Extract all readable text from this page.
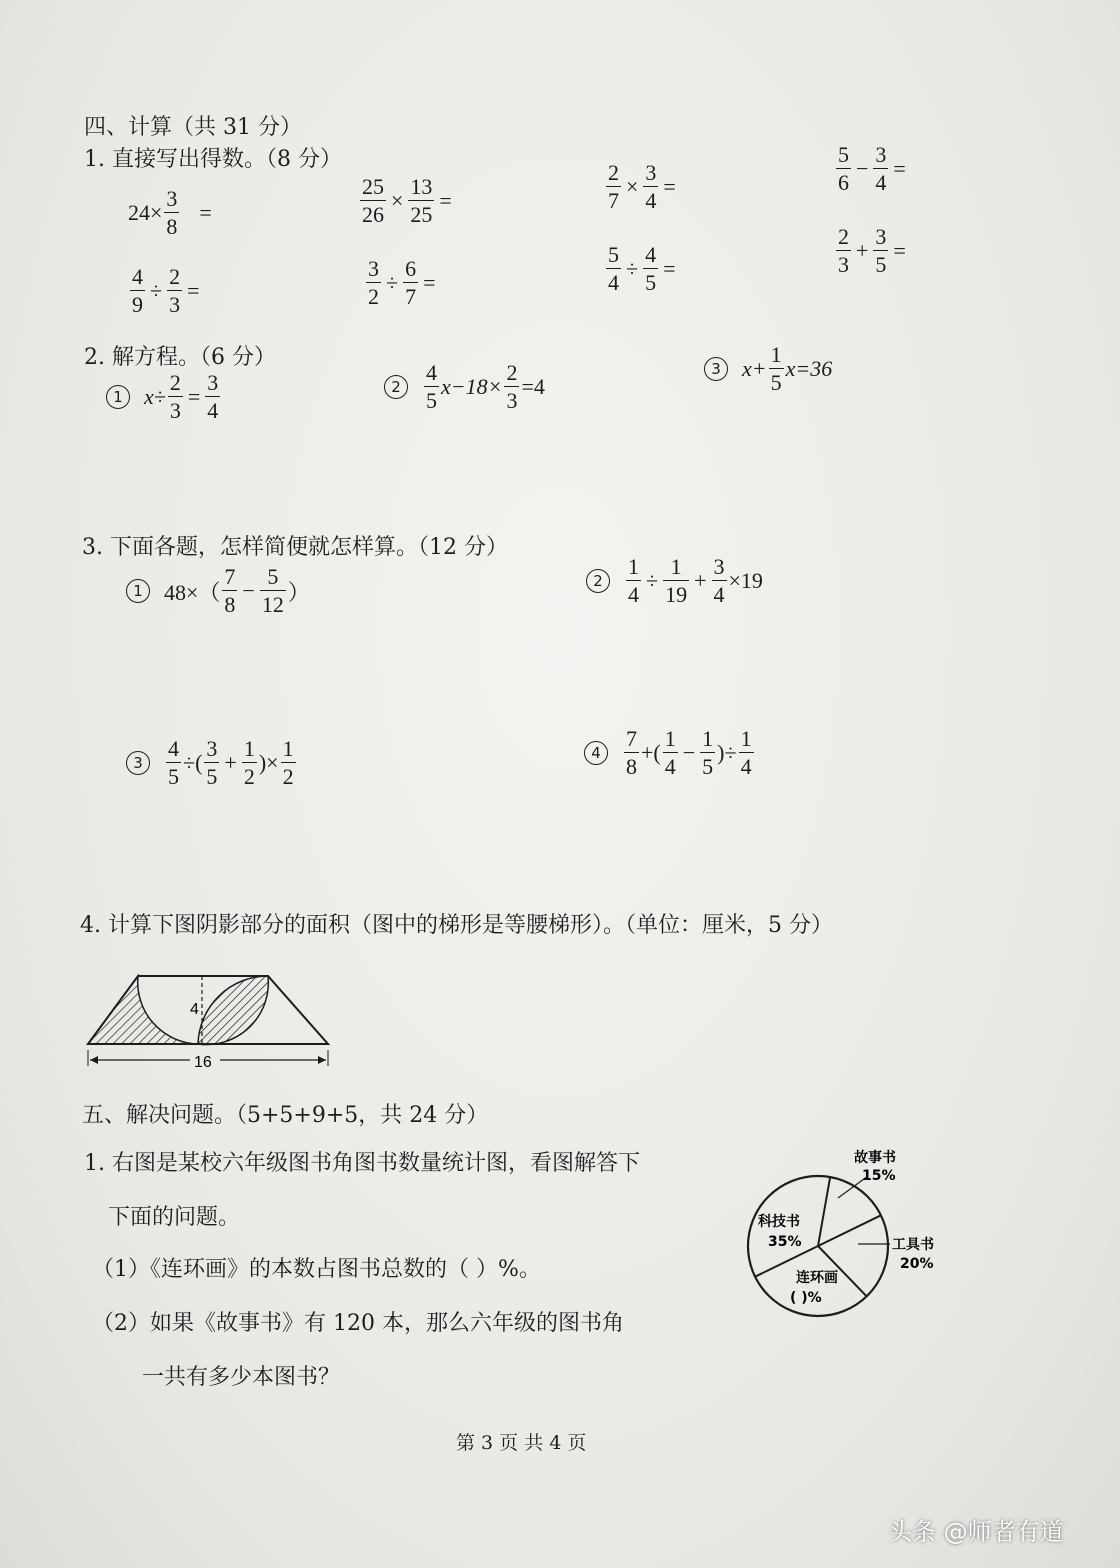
四、计算（共 31 分）
1. 直接写出得数。（8 分）
$24\times \frac{3}{8}$ =	$\frac{25}{26} \times \frac{13}{25}$ =	$\frac{2}{7} \times \frac{3}{4}$ =	$\frac{5}{6} - \frac{3}{4}$ =
$\frac{4}{9} \div \frac{2}{3}$ =	$\frac{3}{2} \div \frac{6}{7}$ =	$\frac{5}{4} \div \frac{4}{5}$ =	$\frac{2}{3} + \frac{3}{5}$ =
2. 解方程。（6 分）
1 $x\div \frac{2}{3} = \frac{3}{4}$	2	$\frac{4}{5} x-18\times \frac{2}{3} =4$
3 $x+ \frac{1}{5} x=36$
3. 下面各题，怎样简便就怎样算。（12 分）
1 $48\times( \frac{7}{8} - \frac{5}{12}$ ）	2	$\frac{1}{4} \div \frac{1}{19} + \frac{3}{4} \times 19$
3	$\frac{4}{5}$ ÷( $\frac{3}{5} + \frac{1}{2}$ )× $\frac{1}{2}$	4	$\frac{7}{8}$ +( $\frac{1}{4} - \frac{1}{5}$ )÷ $\frac{1}{4}$
4. 计算下图阴影部分的面积（图中的梯形是等腰梯形）。（单位：厘米，5 分）
4
16
五、解决问题。（5+5+9+5，共 24 分）
1. 右图是某校六年级图书角图书数量统计图，看图解答下
下面的问题。
（1）《连环画》的本数占图书总数的（ ）%。
（2）如果《故事书》有 120 本，那么六年级的图书角
一共有多少本图书？
故事书
15%
工具书
20%
科技书
35%
连环画
( )%
第 3 页 共 4 页
头条 @师者有道
